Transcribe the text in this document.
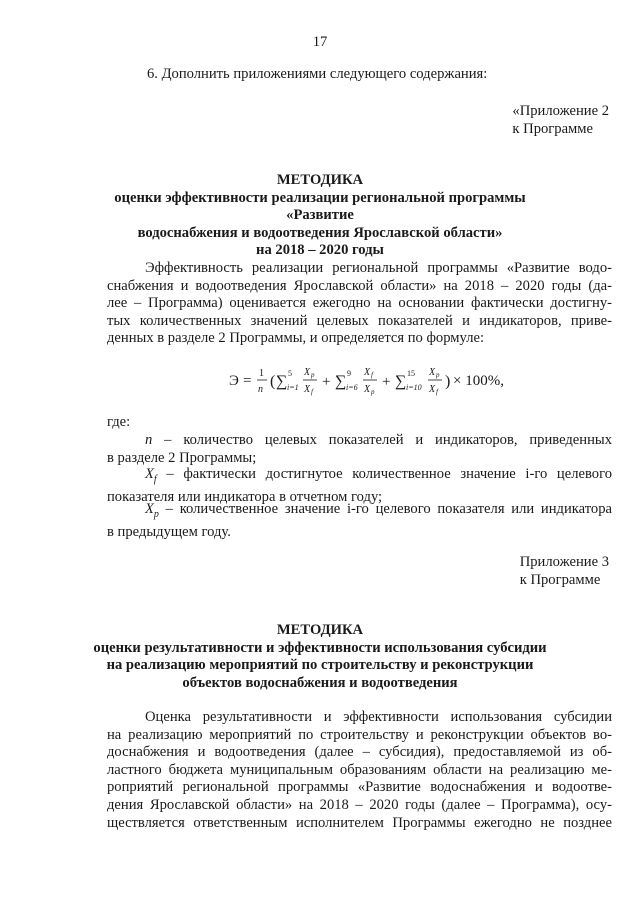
17
6. Дополнить приложениями следующего содержания:
«Приложение 2
к Программе
МЕТОДИКА
оценки эффективности реализации региональной программы «Развитие
водоснабжения и водоотведения Ярославской области»
на 2018 – 2020 годы
Эффективность реализации региональной программы «Развитие водо-
снабжения и водоотведения Ярославской области» на 2018 – 2020 годы (да-
лее – Программа) оценивается ежегодно на основании фактически достигну-
тых количественных значений целевых показателей и индикаторов, приве-
денных в разделе 2 Программы, и определяется по формуле:
Э = 1
n ( ∑ 5
i=1
X p
X f
+ ∑ 9
i=6
X f
X p
+ ∑ 15
i=10
X p
X f
) × 100%,
где:
n – количество целевых показателей и индикаторов, приведенных
в разделе 2 Программы;
$X_f$ – фактически достигнутое количественное значение i-го целевого
показателя или индикатора в отчетном году;
$X_p$ – количественное значение i-го целевого показателя или индикатора
в предыдущем году.
Приложение 3
к Программе
МЕТОДИКА
оценки результативности и эффективности использования субсидии
на реализацию мероприятий по строительству и реконструкции
объектов водоснабжения и водоотведения
Оценка результативности и эффективности использования субсидии
на реализацию мероприятий по строительству и реконструкции объектов во-
доснабжения и водоотведения (далее – субсидия), предоставляемой из об-
ластного бюджета муниципальным образованиям области на реализацию ме-
роприятий региональной программы «Развитие водоснабжения и водоотве-
дения Ярославской области» на 2018 – 2020 годы (далее – Программа), осу-
ществляется ответственным исполнителем Программы ежегодно не позднее
